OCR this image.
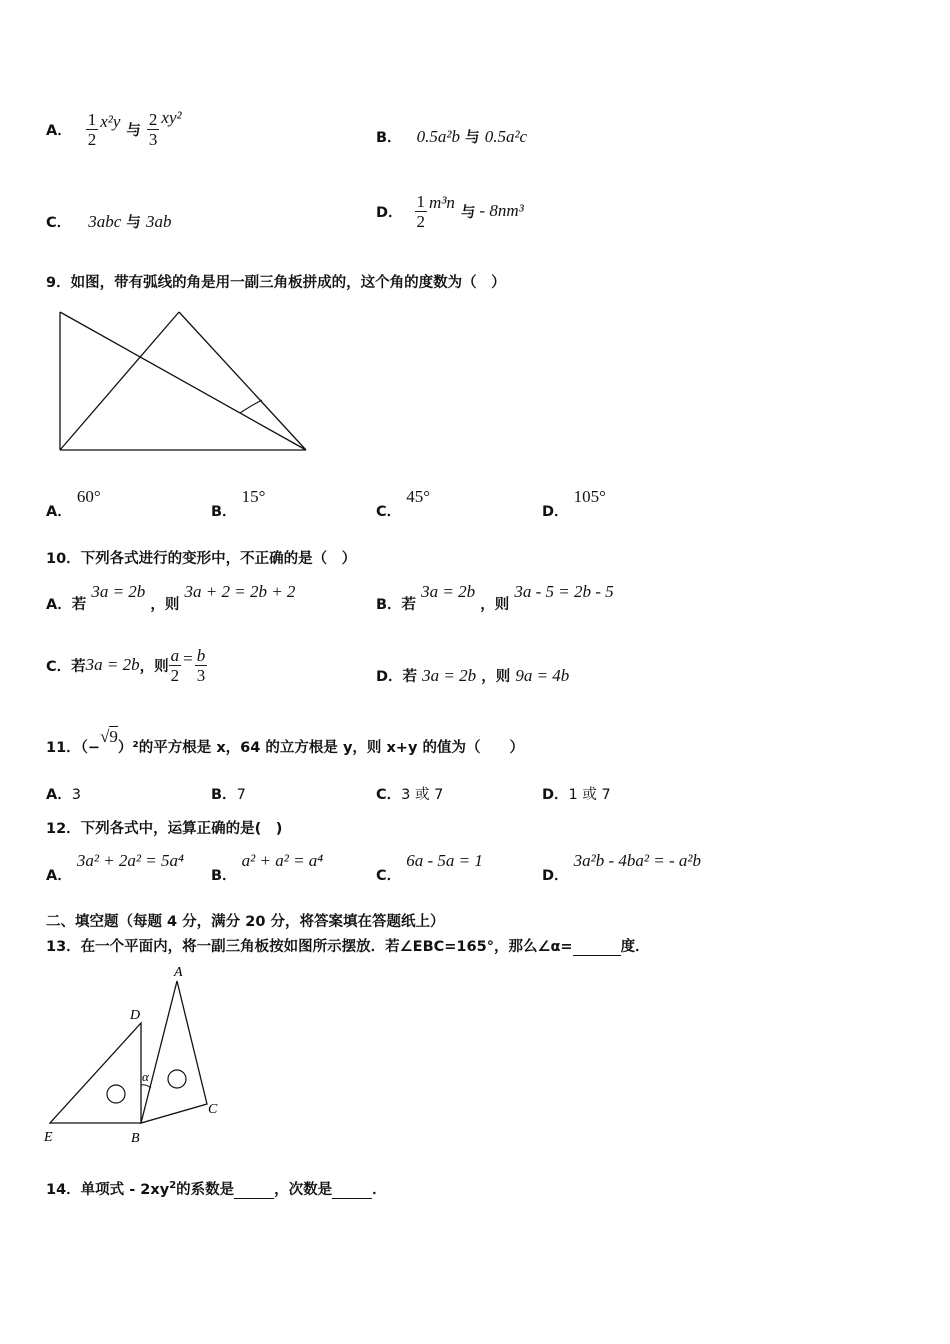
A． $\frac{1}{2} x^2y$ 与 $\frac{2}{3} xy^2$
B． 0.5a²b 与 0.5a²c
C． 3abc 与 3ab	D． $\frac{1}{2} m^3n$
与 - 8nm³
9．如图，带有弧线的角是用一副三角板拼成的，这个角的度数为（　）
A． 60°
B． 15°
C． 45°
D． 105°
10．下列各式进行的变形中，不正确的是（　）
A．若 3a = 2b ，则 3a + 2 = 2b + 2
B．若 3a = 2b ，则 3a - 5 = 2b - 5
C．若 3a = 2b ，则 $\frac{a}{2} = \frac{b}{3}$	D．若 3a = 2b ，则 9a = 4b
11．（−√9）²的平方根是 x，64 的立方根是 y，则 x+y 的值为（　　）
A．3	B．7	C．3 或 7	D．1 或 7
12．下列各式中，运算正确的是(　)
A． 3a² + 2a² = 5a⁴
B． a² + a² = a⁴
C． 6a - 5a = 1
D． 3a²b - 4ba² = - a²b
二、填空题（每题 4 分，满分 20 分，将答案填在答题纸上）
13．在一个平面内，将一副三角板按如图所示摆放．若∠EBC=165°，那么∠α=	度．
A
D
α
C
E	B
14．单项式 - $2xy^2$的系数是	，次数是	．
